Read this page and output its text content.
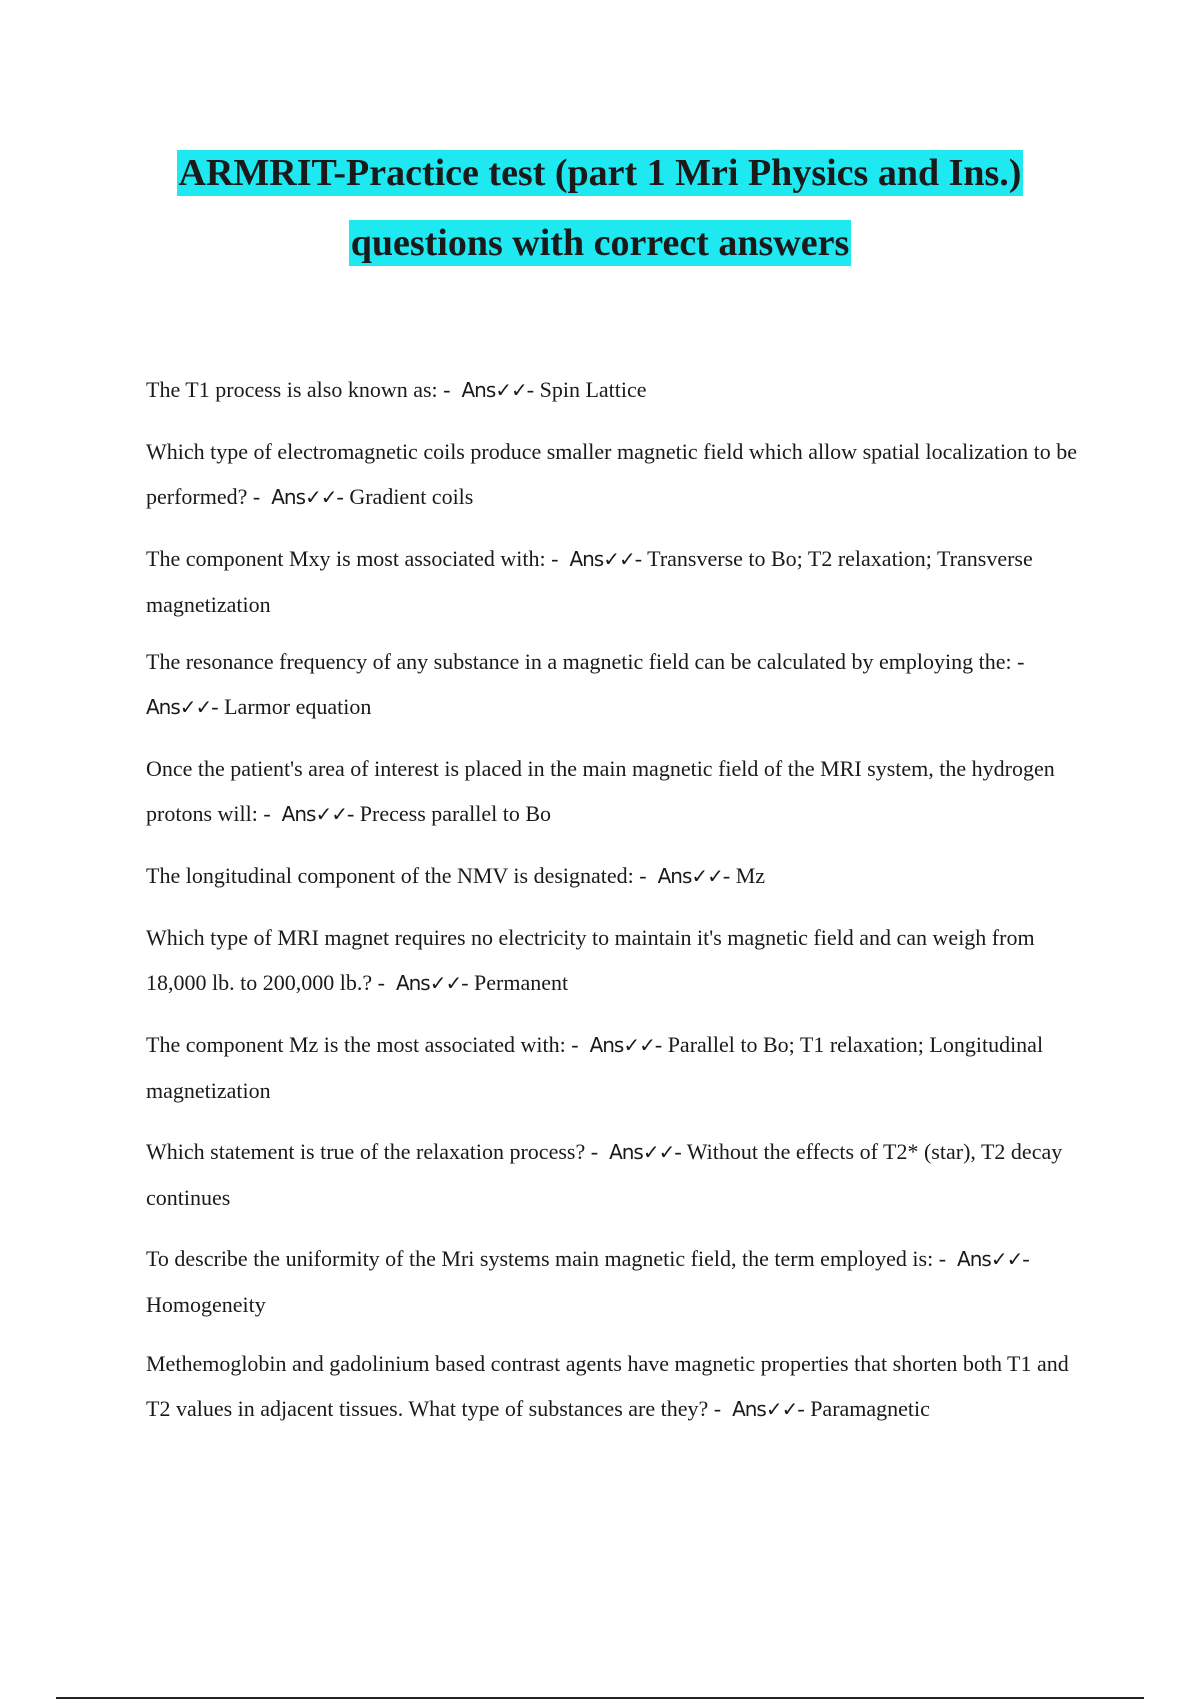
ARMRIT-Practice test (part 1 Mri Physics and Ins.)
questions with correct answers

The T1 process is also known as: - Ans✓✓- Spin Lattice

Which type of electromagnetic coils produce smaller magnetic field which allow spatial localization to be performed? - Ans✓✓- Gradient coils

The component Mxy is most associated with: - Ans✓✓- Transverse to Bo; T2 relaxation; Transverse magnetization

The resonance frequency of any substance in a magnetic field can be calculated by employing the: -  Ans✓✓- Larmor equation

Once the patient's area of interest is placed in the main magnetic field of the MRI system, the hydrogen protons will: - Ans✓✓- Precess parallel to Bo

The longitudinal component of the NMV is designated: - Ans✓✓- Mz

Which type of MRI magnet requires no electricity to maintain it's magnetic field and can weigh from 18,000 lb. to 200,000 lb.? - Ans✓✓- Permanent

The component Mz is the most associated with: - Ans✓✓- Parallel to Bo; T1 relaxation; Longitudinal magnetization

Which statement is true of the relaxation process? - Ans✓✓- Without the effects of T2* (star), T2 decay continues

To describe the uniformity of the Mri systems main magnetic field, the term employed is: - Ans✓✓- Homogeneity

Methemoglobin and gadolinium based contrast agents have magnetic properties that shorten both T1 and T2 values in adjacent tissues. What type of substances are they? - Ans✓✓- Paramagnetic
